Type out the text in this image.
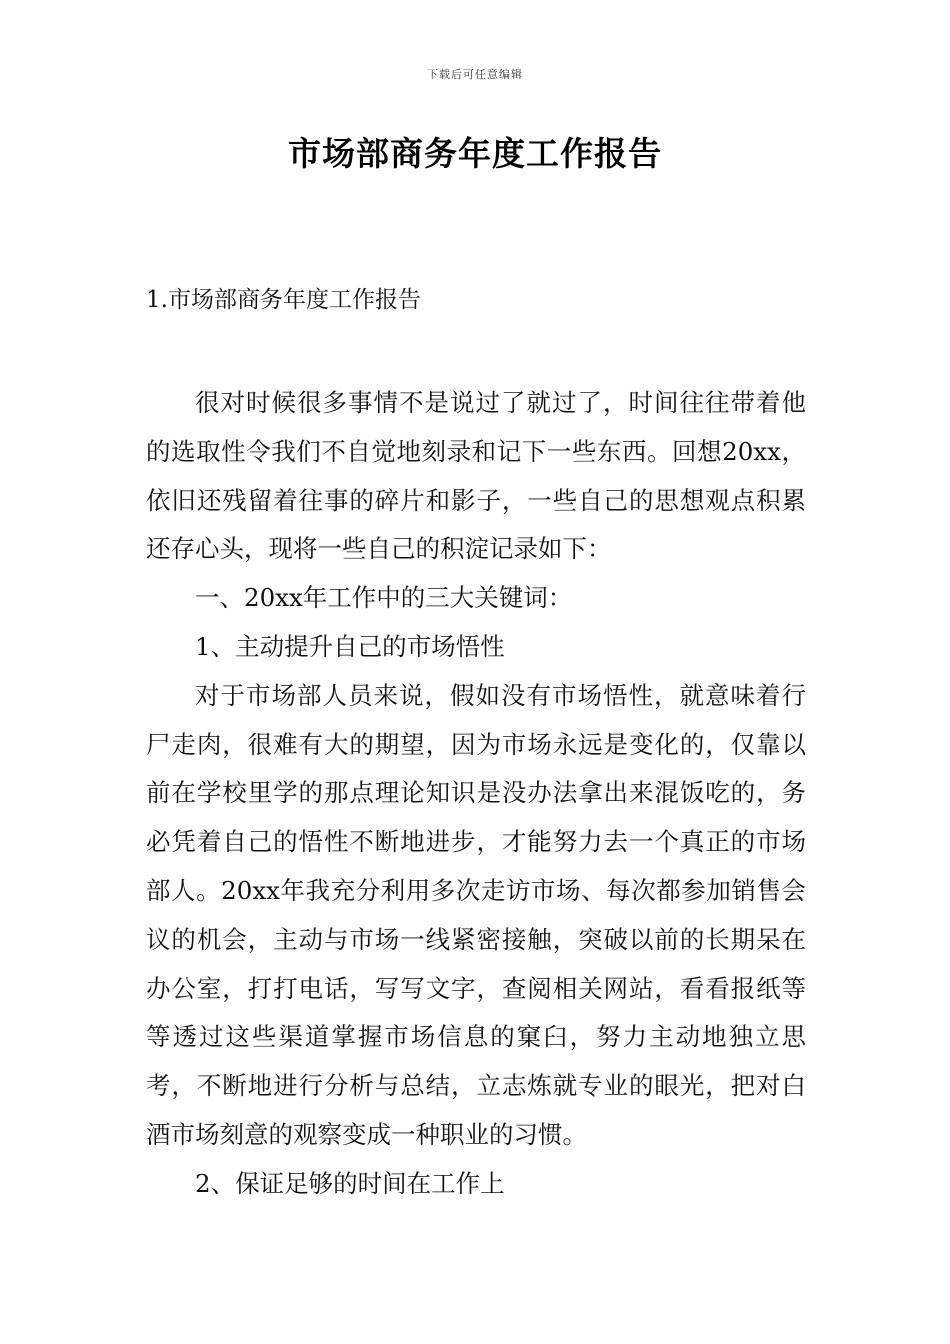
下载后可任意编辑
市场部商务年度工作报告
1.市场部商务年度工作报告

很对时候很多事情不是说过了就过了，时间往往带着他的选取性令我们不自觉地刻录和记下一些东西。回想20xx，依旧还残留着往事的碎片和影子，一些自己的思想观点积累还存心头，现将一些自己的积淀记录如下：

一、20xx年工作中的三大关键词：

1、主动提升自己的市场悟性

对于市场部人员来说，假如没有市场悟性，就意味着行尸走肉，很难有大的期望，因为市场永远是变化的，仅靠以前在学校里学的那点理论知识是没办法拿出来混饭吃的，务必凭着自己的悟性不断地进步，才能努力去一个真正的市场部人。20xx年我充分利用多次走访市场、每次都参加销售会议的机会，主动与市场一线紧密接触，突破以前的长期呆在办公室，打打电话，写写文字，查阅相关网站，看看报纸等等透过这些渠道掌握市场信息的窠臼，努力主动地独立思考，不断地进行分析与总结，立志炼就专业的眼光，把对白酒市场刻意的观察变成一种职业的习惯。

2、保证足够的时间在工作上
